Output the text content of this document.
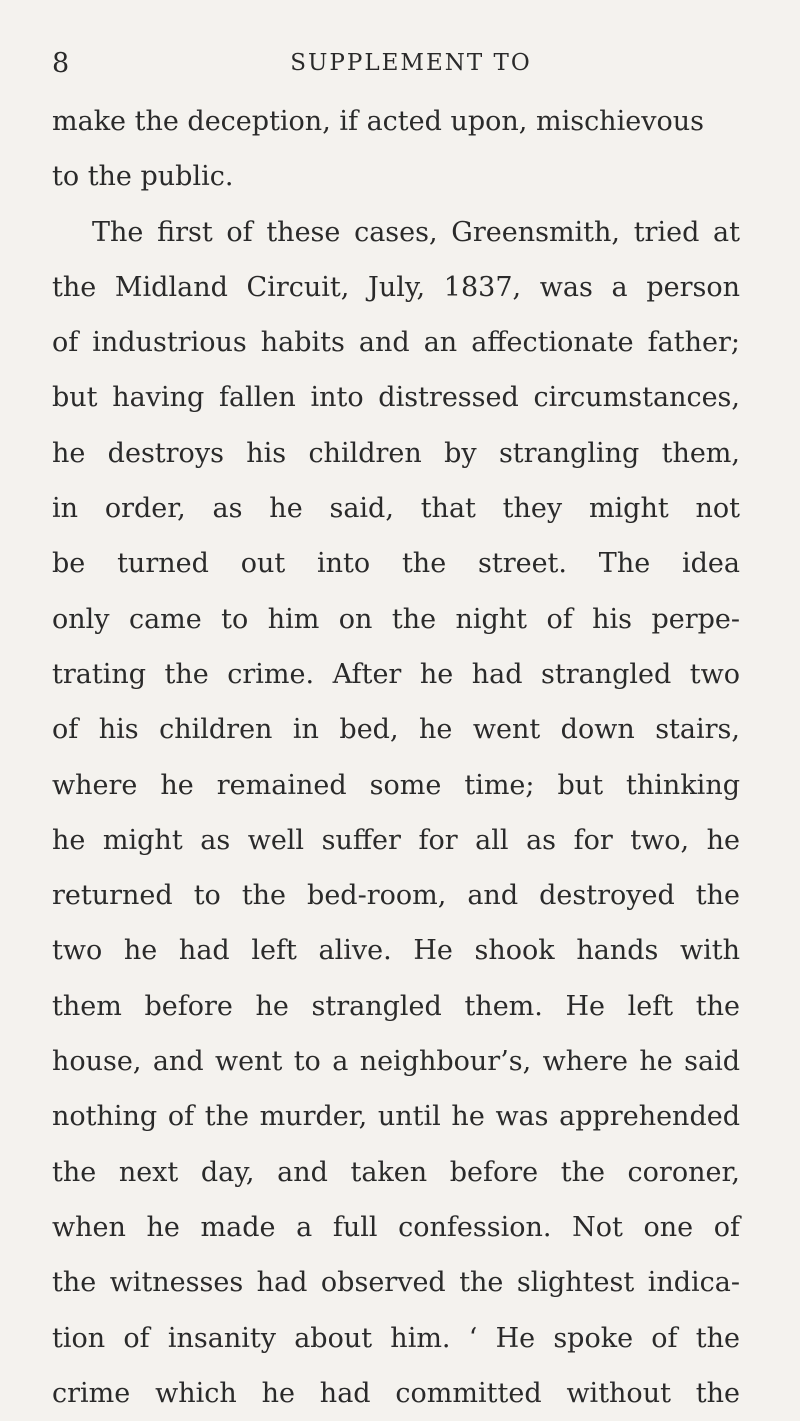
8	SUPPLEMENT TO
make the deception, if acted upon, mischievous
to the public.
The first of these cases, Greensmith, tried at
the Midland Circuit, July, 1837, was a person
of industrious habits and an affectionate father;
but having fallen into distressed circumstances,
he destroys his children by strangling them,
in order, as he said, that they might not
be turned out into the street. The idea
only came to him on the night of his perpe-
trating the crime. After he had strangled two
of his children in bed, he went down stairs,
where he remained some time; but thinking
he might as well suffer for all as for two, he
returned to the bed-room, and destroyed the
two he had left alive. He shook hands with
them before he strangled them. He left the
house, and went to a neighbour’s, where he said
nothing of the murder, until he was apprehended
the next day, and taken before the coroner,
when he made a full confession. Not one of
the witnesses had observed the slightest indica-
tion of insanity about him. ‘ He spoke of the
crime which he had committed without the
